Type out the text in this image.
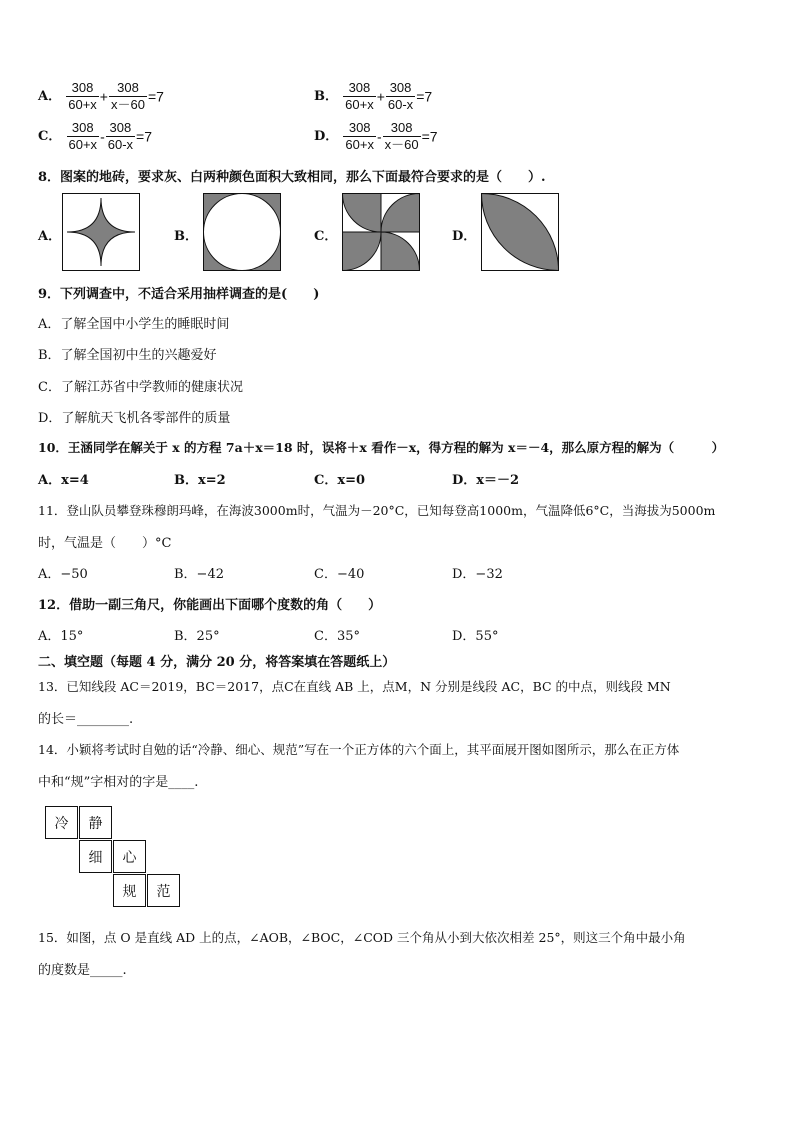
A． $\frac{308}{60+x} + \frac{308}{x-60} =7$	B． $\frac{308}{60+x} + \frac{308}{60-x} =7$
C． $\frac{308}{60+x} - \frac{308}{60-x} =7$	D． $\frac{308}{60+x} - \frac{308}{x-60} =7$
8．图案的地砖，要求灰、白两种颜色面积大致相同，那么下面最符合要求的是（　　）.
A．	B．	C．	D．
9．下列调查中，不适合采用抽样调查的是(　　)
A．了解全国中小学生的睡眠时间
B．了解全国初中生的兴趣爱好
C．了解江苏省中学教师的健康状况
D．了解航天飞机各零部件的质量
10．王涵同学在解关于 x 的方程 7a＋x＝18 时，误将＋x 看作－x，得方程的解为 x＝－4，那么原方程的解为（　　　）
A．x=4	B．x=2	C．x=0	D．x＝－2
11．登山队员攀登珠穆朗玛峰，在海波3000m时，气温为－20°C，已知每登高1000m，气温降低6°C，当海拔为5000m
时，气温是（　　）°C
A．−50	B．−42	C．−40	D．−32
12．借助一副三角尺，你能画出下面哪个度数的角（　　）
A．15°	B．25°	C．35°	D．55°
二、填空题（每题 4 分，满分 20 分，将答案填在答题纸上）
13．已知线段 AC＝2019，BC＝2017，点C在直线 AB 上，点M，N 分别是线段 AC，BC 的中点，则线段 MN
的长＝________.
14．小颖将考试时自勉的话“冷静、细心、规范”写在一个正方体的六个面上，其平面展开图如图所示，那么在正方体
中和“规”字相对的字是____.
冷	静
细	心
规	范
15．如图，点 O 是直线 AD 上的点，∠AOB，∠BOC，∠COD 三个角从小到大依次相差 25°，则这三个角中最小角
的度数是_____.
